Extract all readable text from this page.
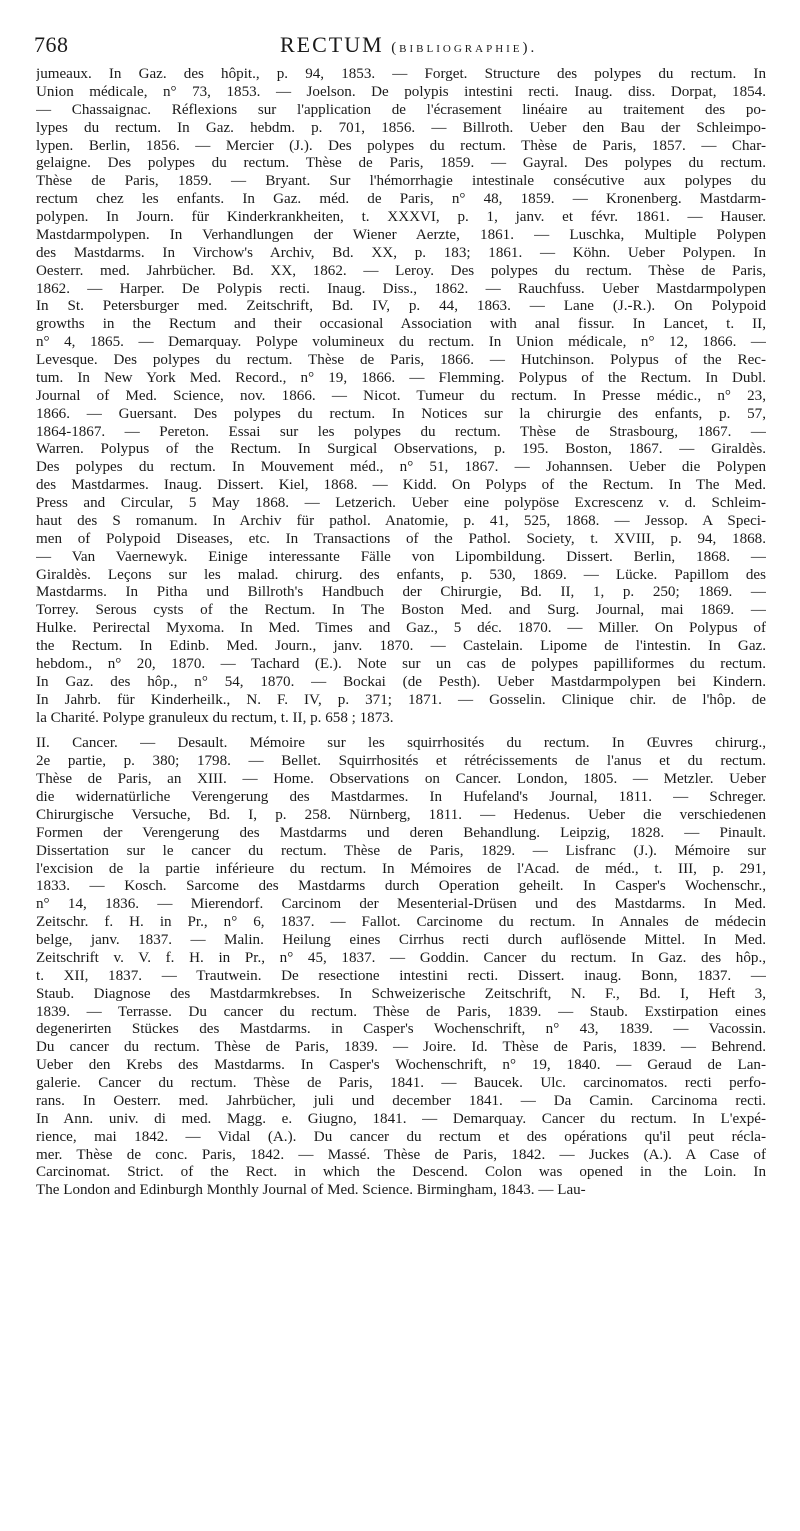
768	RECTUM (bibliographie).
jumeaux. In Gaz. des hôpit., p. 94, 1853. — Forget. Structure des polypes du rectum. In
Union médicale, n° 73, 1853. — Joelson. De polypis intestini recti. Inaug. diss. Dorpat, 1854.
— Chassaignac. Réflexions sur l'application de l'écrasement linéaire au traitement des po-
lypes du rectum. In Gaz. hebdm. p. 701, 1856. — Billroth. Ueber den Bau der Schleimpo-
lypen. Berlin, 1856. — Mercier (J.). Des polypes du rectum. Thèse de Paris, 1857. — Char-
gelaigne. Des polypes du rectum. Thèse de Paris, 1859. — Gayral. Des polypes du rectum.
Thèse de Paris, 1859. — Bryant. Sur l'hémorrhagie intestinale consécutive aux polypes du
rectum chez les enfants. In Gaz. méd. de Paris, n° 48, 1859. — Kronenberg. Mastdarm-
polypen. In Journ. für Kinderkrankheiten, t. XXXVI, p. 1, janv. et févr. 1861. — Hauser.
Mastdarmpolypen. In Verhandlungen der Wiener Aerzte, 1861. — Luschka, Multiple Polypen
des Mastdarms. In Virchow's Archiv, Bd. XX, p. 183; 1861. — Köhn. Ueber Polypen. In
Oesterr. med. Jahrbücher. Bd. XX, 1862. — Leroy. Des polypes du rectum. Thèse de Paris,
1862. — Harper. De Polypis recti. Inaug. Diss., 1862. — Rauchfuss. Ueber Mastdarmpolypen
In St. Petersburger med. Zeitschrift, Bd. IV, p. 44, 1863. — Lane (J.-R.). On Polypoid
growths in the Rectum and their occasional Association with anal fissur. In Lancet, t. II,
n° 4, 1865. — Demarquay. Polype volumineux du rectum. In Union médicale, n° 12, 1866. —
Levesque. Des polypes du rectum. Thèse de Paris, 1866. — Hutchinson. Polypus of the Rec-
tum. In New York Med. Record., n° 19, 1866. — Flemming. Polypus of the Rectum. In Dubl.
Journal of Med. Science, nov. 1866. — Nicot. Tumeur du rectum. In Presse médic., n° 23,
1866. — Guersant. Des polypes du rectum. In Notices sur la chirurgie des enfants, p. 57,
1864-1867. — Pereton. Essai sur les polypes du rectum. Thèse de Strasbourg, 1867. —
Warren. Polypus of the Rectum. In Surgical Observations, p. 195. Boston, 1867. — Giraldès.
Des polypes du rectum. In Mouvement méd., n° 51, 1867. — Johannsen. Ueber die Polypen
des Mastdarmes. Inaug. Dissert. Kiel, 1868. — Kidd. On Polyps of the Rectum. In The Med.
Press and Circular, 5 May 1868. — Letzerich. Ueber eine polypöse Excrescenz v. d. Schleim-
haut des S romanum. In Archiv für pathol. Anatomie, p. 41, 525, 1868. — Jessop. A Speci-
men of Polypoid Diseases, etc. In Transactions of the Pathol. Society, t. XVIII, p. 94, 1868.
— Van Vaernewyk. Einige interessante Fälle von Lipombildung. Dissert. Berlin, 1868. —
Giraldès. Leçons sur les malad. chirurg. des enfants, p. 530, 1869. — Lücke. Papillom des
Mastdarms. In Pitha und Billroth's Handbuch der Chirurgie, Bd. II, 1, p. 250; 1869. —
Torrey. Serous cysts of the Rectum. In The Boston Med. and Surg. Journal, mai 1869. —
Hulke. Perirectal Myxoma. In Med. Times and Gaz., 5 déc. 1870. — Miller. On Polypus of
the Rectum. In Edinb. Med. Journ., janv. 1870. — Castelain. Lipome de l'intestin. In Gaz.
hebdom., n° 20, 1870. — Tachard (E.). Note sur un cas de polypes papilliformes du rectum.
In Gaz. des hôp., n° 54, 1870. — Bockai (de Pesth). Ueber Mastdarmpolypen bei Kindern.
In Jahrb. für Kinderheilk., N. F. IV, p. 371; 1871. — Gosselin. Clinique chir. de l'hôp. de
la Charité. Polype granuleux du rectum, t. II, p. 658 ; 1873.
II. Cancer. — Desault. Mémoire sur les squirrhosités du rectum. In Œuvres chirurg.,
2e partie, p. 380; 1798. — Bellet. Squirrhosités et rétrécissements de l'anus et du rectum.
Thèse de Paris, an XIII. — Home. Observations on Cancer. London, 1805. — Metzler. Ueber
die widernatürliche Verengerung des Mastdarmes. In Hufeland's Journal, 1811. — Schreger.
Chirurgische Versuche, Bd. I, p. 258. Nürnberg, 1811. — Hedenus. Ueber die verschiedenen
Formen der Verengerung des Mastdarms und deren Behandlung. Leipzig, 1828. — Pinault.
Dissertation sur le cancer du rectum. Thèse de Paris, 1829. — Lisfranc (J.). Mémoire sur
l'excision de la partie inférieure du rectum. In Mémoires de l'Acad. de méd., t. III, p. 291,
1833. — Kosch. Sarcome des Mastdarms durch Operation geheilt. In Casper's Wochenschr.,
n° 14, 1836. — Mierendorf. Carcinom der Mesenterial-Drüsen und des Mastdarms. In Med.
Zeitschr. f. H. in Pr., n° 6, 1837. — Fallot. Carcinome du rectum. In Annales de médecin
belge, janv. 1837. — Malin. Heilung eines Cirrhus recti durch auflösende Mittel. In Med.
Zeitschrift v. V. f. H. in Pr., n° 45, 1837. — Goddin. Cancer du rectum. In Gaz. des hôp.,
t. XII, 1837. — Trautwein. De resectione intestini recti. Dissert. inaug. Bonn, 1837. —
Staub. Diagnose des Mastdarmkrebses. In Schweizerische Zeitschrift, N. F., Bd. I, Heft 3,
1839. — Terrasse. Du cancer du rectum. Thèse de Paris, 1839. — Staub. Exstirpation eines
degenerirten Stückes des Mastdarms. in Casper's Wochenschrift, n° 43, 1839. — Vacossin.
Du cancer du rectum. Thèse de Paris, 1839. — Joire. Id. Thèse de Paris, 1839. — Behrend.
Ueber den Krebs des Mastdarms. In Casper's Wochenschrift, n° 19, 1840. — Geraud de Lan-
galerie. Cancer du rectum. Thèse de Paris, 1841. — Baucek. Ulc. carcinomatos. recti perfo-
rans. In Oesterr. med. Jahrbücher, juli und december 1841. — Da Camin. Carcinoma recti.
In Ann. univ. di med. Magg. e. Giugno, 1841. — Demarquay. Cancer du rectum. In L'expé-
rience, mai 1842. — Vidal (A.). Du cancer du rectum et des opérations qu'il peut récla-
mer. Thèse de conc. Paris, 1842. — Massé. Thèse de Paris, 1842. — Juckes (A.). A Case of
Carcinomat. Strict. of the Rect. in which the Descend. Colon was opened in the Loin. In
The London and Edinburgh Monthly Journal of Med. Science. Birmingham, 1843. — Lau-
